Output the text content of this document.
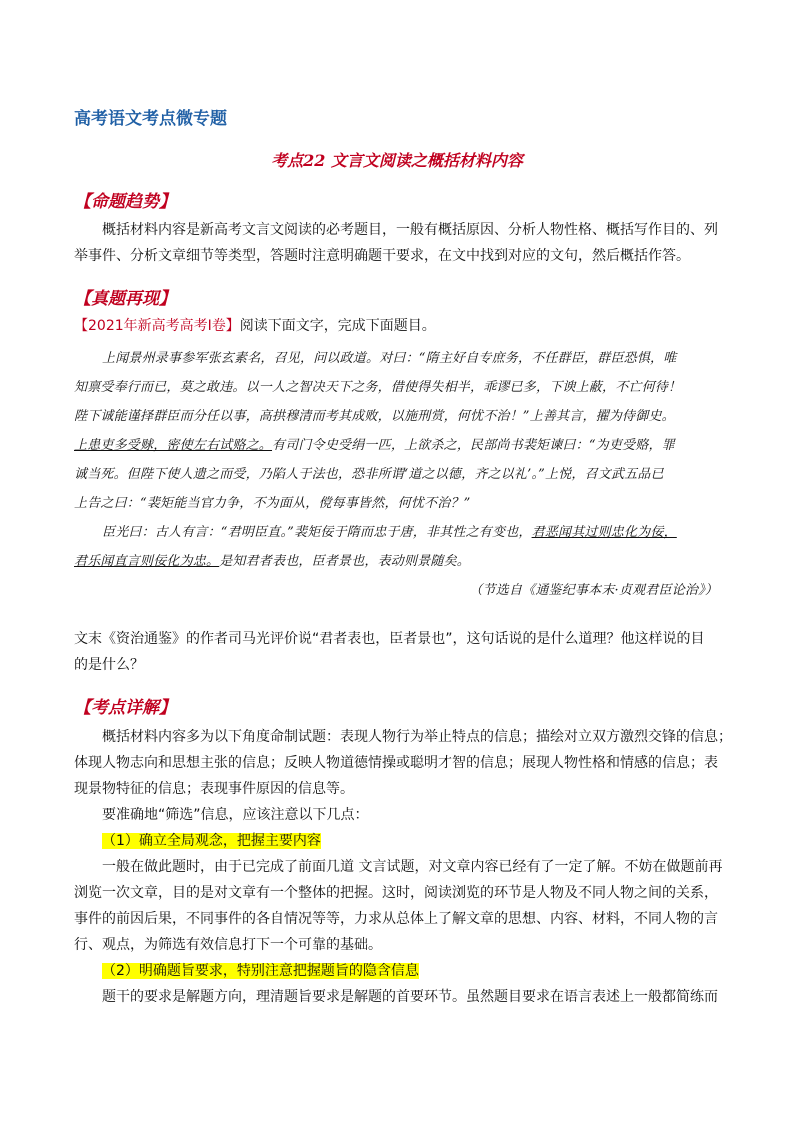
高考语文考点微专题
考点22 文言文阅读之概括材料内容
【命题趋势】
概括材料内容是新高考文言文阅读的必考题目，一般有概括原因、分析人物性格、概括写作目的、列
举事件、分析文章细节等类型，答题时注意明确题干要求，在文中找到对应的文句，然后概括作答。
【真题再现】
【2021年新高考高考Ⅰ卷】阅读下面文字，完成下面题目。
上闻景州录事参军张玄素名，召见，问以政道。对曰：“隋主好自专庶务，不任群臣，群臣恐惧，唯
知禀受奉行而已，莫之敢违。以一人之智决天下之务，借使得失相半，乖谬已多，下谀上蔽，不亡何待！
陛下诚能谨择群臣而分任以事，高拱穆清而考其成败，以施刑赏，何忧不治！”上善其言，擢为侍御史。
上患吏多受赇，密使左右试赂之。有司门令史受绢一匹，上欲杀之，民部尚书裴矩谏曰：“为吏受赂，罪
诚当死。但陛下使人遗之而受，乃陷人于法也，恐非所谓‘道之以德，齐之以礼’。”上悦，召文武五品已
上告之曰：“裴矩能当官力争，不为面从，傥每事皆然，何忧不治？”
臣光曰：古人有言：“君明臣直。”裴矩佞于隋而忠于唐，非其性之有变也，君恶闻其过则忠化为佞，
君乐闻直言则佞化为忠。是知君者表也，臣者景也，表动则景随矣。
（节选自《通鉴纪事本末·贞观君臣论治》）
文末《资治通鉴》的作者司马光评价说“君者表也，臣者景也”，这句话说的是什么道理？他这样说的目
的是什么？
【考点详解】
概括材料内容多为以下角度命制试题：表现人物行为举止特点的信息；描绘对立双方激烈交锋的信息；
体现人物志向和思想主张的信息；反映人物道德情操或聪明才智的信息；展现人物性格和情感的信息；表
现景物特征的信息；表现事件原因的信息等。
要准确地“筛选”信息，应该注意以下几点：
（1）确立全局观念，把握主要内容
一般在做此题时，由于已完成了前面几道 文言试题，对文章内容已经有了一定了解。不妨在做题前再
浏览一次文章，目的是对文章有一个整体的把握。这时，阅读浏览的环节是人物及不同人物之间的关系，
事件的前因后果，不同事件的各自情况等等，力求从总体上了解文章的思想、内容、材料，不同人物的言
行、观点，为筛选有效信息打下一个可靠的基础。
（2）明确题旨要求，特别注意把握题旨的隐含信息
题干的要求是解题方向，理清题旨要求是解题的首要环节。虽然题目要求在语言表述上一般都简练而
